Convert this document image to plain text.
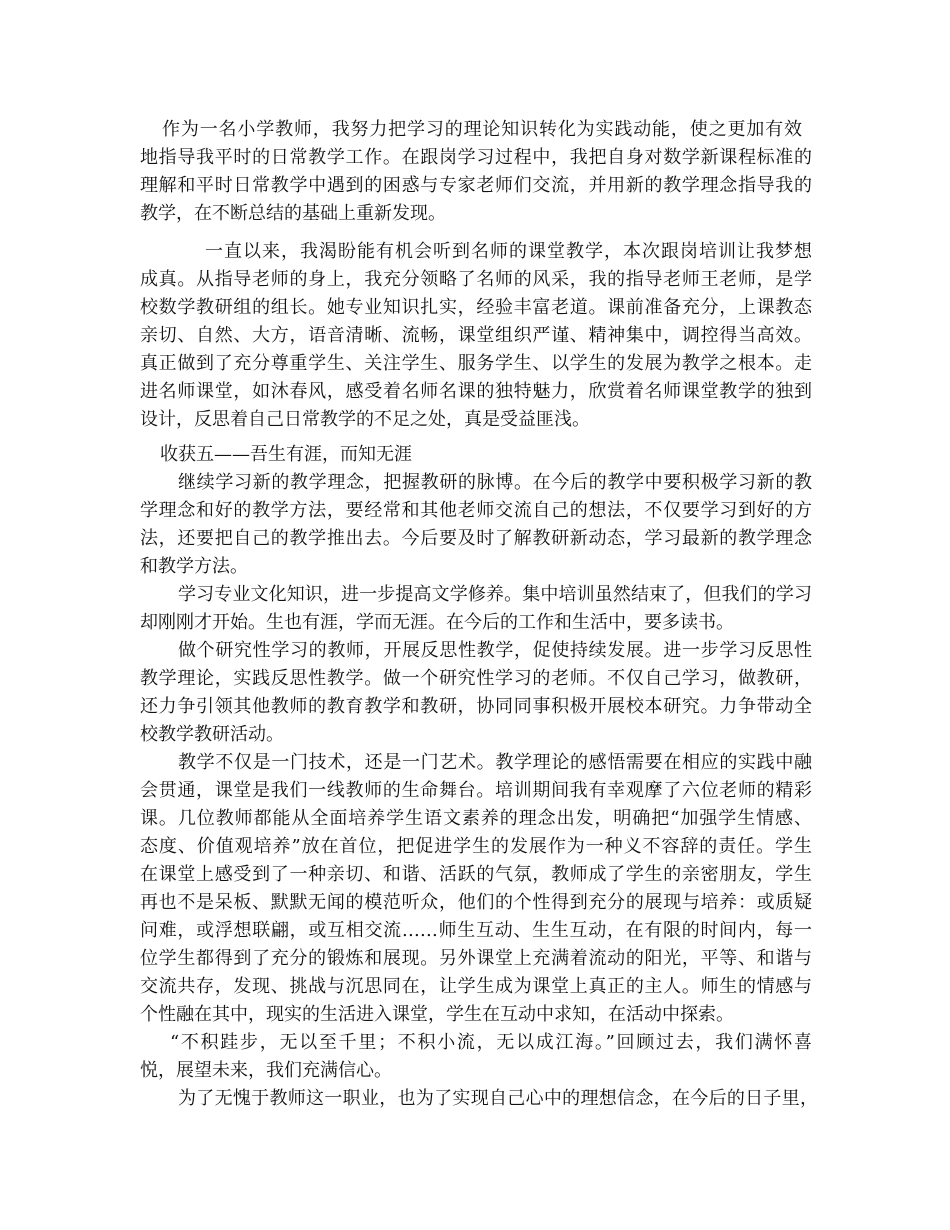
作为一名小学教师，我努力把学习的理论知识转化为实践动能，使之更加有效
地指导我平时的日常教学工作。在跟岗学习过程中，我把自身对数学新课程标准的
理解和平时日常教学中遇到的困惑与专家老师们交流，并用新的教学理念指导我的
教学，在不断总结的基础上重新发现。
一直以来，我渴盼能有机会听到名师的课堂教学，本次跟岗培训让我梦想
成真。从指导老师的身上，我充分领略了名师的风采，我的指导老师王老师，是学
校数学教研组的组长。她专业知识扎实，经验丰富老道。课前准备充分，上课教态
亲切、自然、大方，语音清晰、流畅，课堂组织严谨、精神集中，调控得当高效。
真正做到了充分尊重学生、关注学生、服务学生、以学生的发展为教学之根本。走
进名师课堂，如沐春风，感受着名师名课的独特魅力，欣赏着名师课堂教学的独到
设计，反思着自己日常教学的不足之处，真是受益匪浅。
收获五——吾生有涯，而知无涯
继续学习新的教学理念，把握教研的脉博。在今后的教学中要积极学习新的教
学理念和好的教学方法，要经常和其他老师交流自己的想法，不仅要学习到好的方
法，还要把自己的教学推出去。今后要及时了解教研新动态，学习最新的教学理念
和教学方法。
学习专业文化知识，进一步提高文学修养。集中培训虽然结束了，但我们的学习
却刚刚才开始。生也有涯，学而无涯。在今后的工作和生活中，要多读书。
做个研究性学习的教师，开展反思性教学，促使持续发展。进一步学习反思性
教学理论，实践反思性教学。做一个研究性学习的老师。不仅自己学习，做教研，
还力争引领其他教师的教育教学和教研，协同同事积极开展校本研究。力争带动全
校教学教研活动。
教学不仅是一门技术，还是一门艺术。教学理论的感悟需要在相应的实践中融
会贯通，课堂是我们一线教师的生命舞台。培训期间我有幸观摩了六位老师的精彩
课。几位教师都能从全面培养学生语文素养的理念出发，明确把“加强学生情感、
态度、价值观培养”放在首位，把促进学生的发展作为一种义不容辞的责任。学生
在课堂上感受到了一种亲切、和谐、活跃的气氛，教师成了学生的亲密朋友，学生
再也不是呆板、默默无闻的模范听众，他们的个性得到充分的展现与培养：或质疑
问难，或浮想联翩，或互相交流……师生互动、生生互动，在有限的时间内，每一
位学生都得到了充分的锻炼和展现。另外课堂上充满着流动的阳光，平等、和谐与
交流共存，发现、挑战与沉思同在，让学生成为课堂上真正的主人。师生的情感与
个性融在其中，现实的生活进入课堂，学生在互动中求知，在活动中探索。
“不积跬步，无以至千里；不积小流，无以成江海。”回顾过去，我们满怀喜
悦，展望未来，我们充满信心。
为了无愧于教师这一职业，也为了实现自己心中的理想信念，在今后的日子里，
